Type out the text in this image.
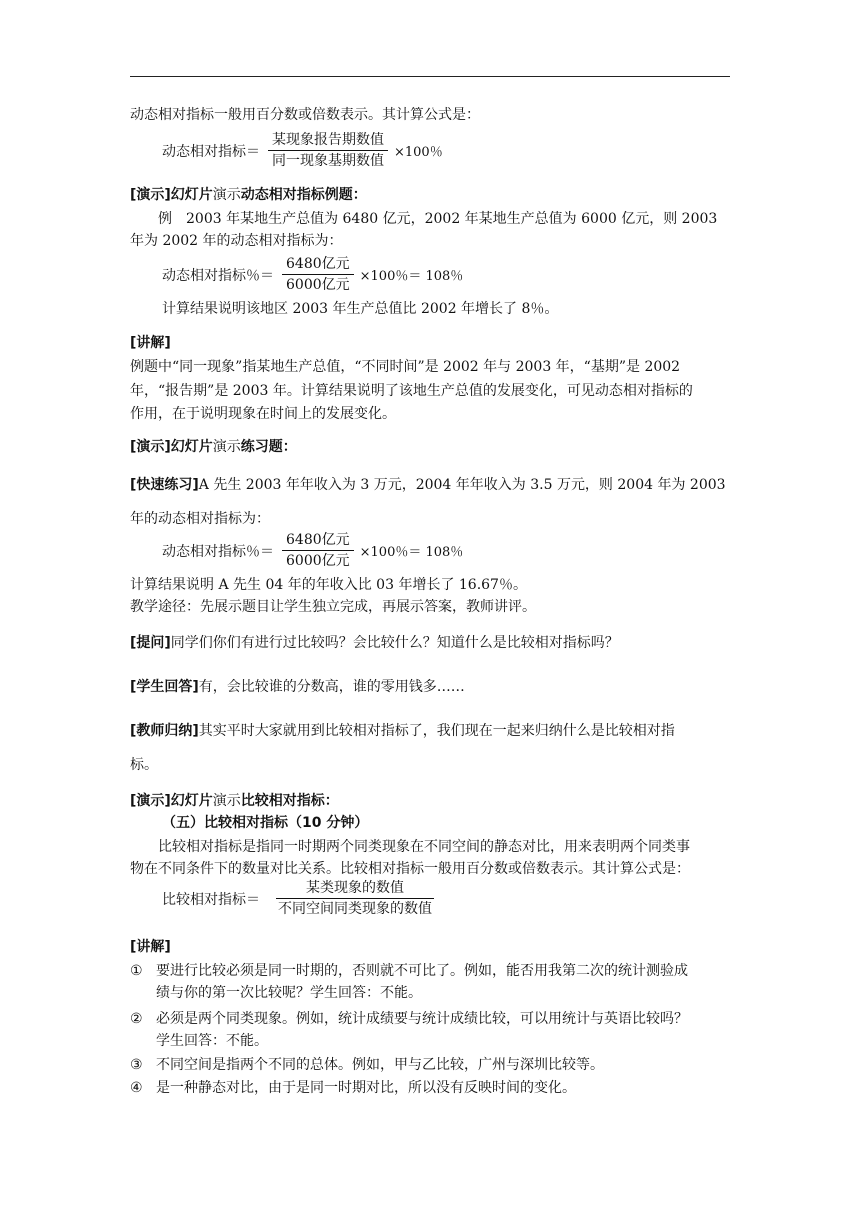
动态相对指标一般用百分数或倍数表示。其计算公式是：
动态相对指标＝ $\frac{\text{某现象报告期数值}}{\text{同一现象基期数值}} \times 100$％
[演示]幻灯片演示动态相对指标例题：
例　2003 年某地生产总值为 6480 亿元，2002 年某地生产总值为 6000 亿元，则 2003
年为 2002 年的动态相对指标为：
动态相对指标％＝ $\frac{\text{6480亿元}}{\text{6000亿元}} \times 100$％＝ 108％
计算结果说明该地区 2003 年生产总值比 2002 年增长了 8％。
[讲解]
例题中“同一现象”指某地生产总值，“不同时间”是 2002 年与 2003 年，“基期”是 2002
年，“报告期”是 2003 年。计算结果说明了该地生产总值的发展变化，可见动态相对指标的
作用，在于说明现象在时间上的发展变化。
[演示]幻灯片演示练习题：
[快速练习]A 先生 2003 年年收入为 3 万元，2004 年年收入为 3.5 万元，则 2004 年为 2003
年的动态相对指标为：
动态相对指标％＝ $\frac{\text{6480亿元}}{\text{6000亿元}} \times 100$％＝ 108％
计算结果说明 A 先生 04 年的年收入比 03 年增长了 16.67％。
教学途径：先展示题目让学生独立完成，再展示答案，教师讲评。
[提问]同学们你们有进行过比较吗？会比较什么？知道什么是比较相对指标吗？
[学生回答]有，会比较谁的分数高，谁的零用钱多……
[教师归纳]其实平时大家就用到比较相对指标了，我们现在一起来归纳什么是比较相对指
标。
[演示]幻灯片演示比较相对指标：
（五）比较相对指标（10 分钟）
比较相对指标是指同一时期两个同类现象在不同空间的静态对比，用来表明两个同类事
物在不同条件下的数量对比关系。比较相对指标一般用百分数或倍数表示。其计算公式是：
比较相对指标＝ $\frac{\text{某类现象的数值}}{\text{不同空间同类现象的数值}}$
[讲解]
① 要进行比较必须是同一时期的，否则就不可比了。例如，能否用我第二次的统计测验成
绩与你的第一次比较呢？学生回答：不能。
② 必须是两个同类现象。例如，统计成绩要与统计成绩比较，可以用统计与英语比较吗？
学生回答：不能。
③ 不同空间是指两个不同的总体。例如，甲与乙比较，广州与深圳比较等。
④ 是一种静态对比，由于是同一时期对比，所以没有反映时间的变化。
